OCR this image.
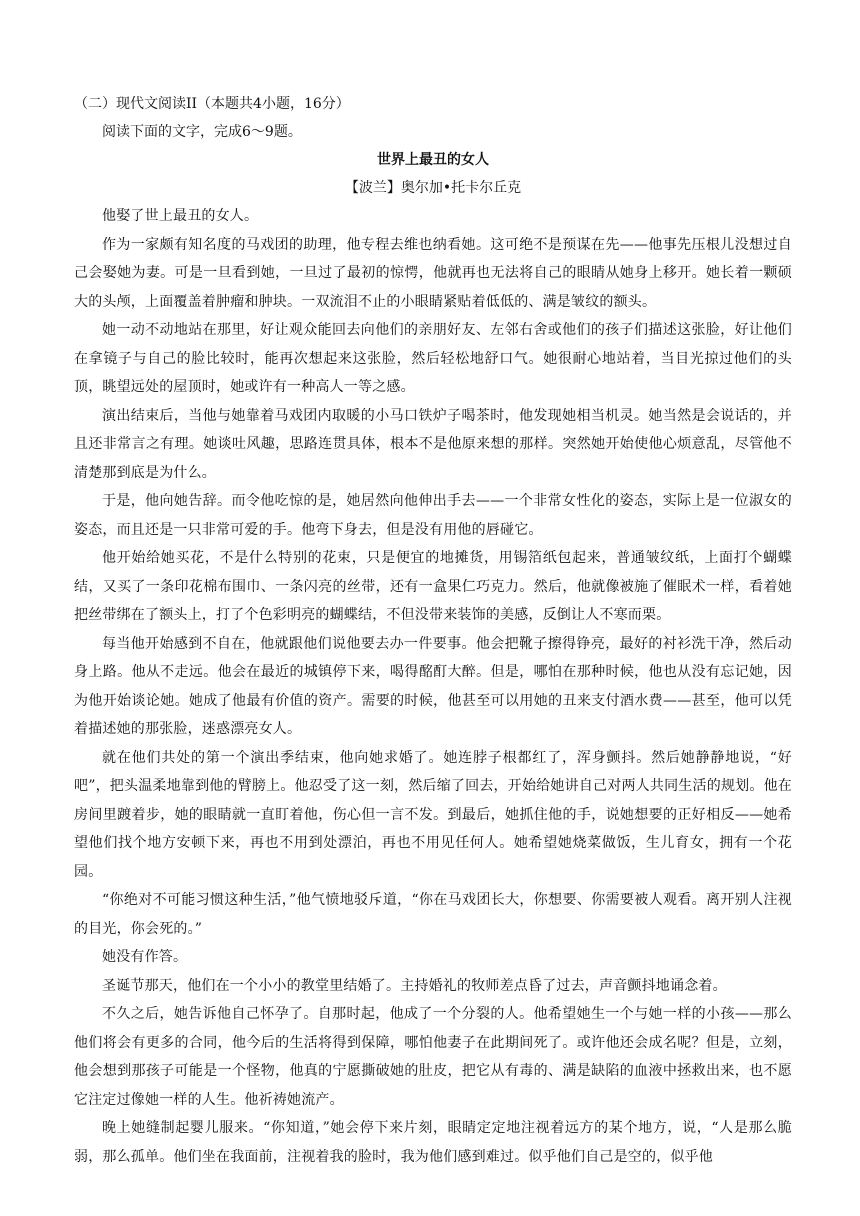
（二）现代文阅读II（本题共4小题，16分）
阅读下面的文字，完成6～9题。
世界上最丑的女人
【波兰】奥尔加•托卡尔丘克

他娶了世上最丑的女人。

作为一家颇有知名度的马戏团的助理，他专程去维也纳看她。这可绝不是预谋在先——他事先压根儿没想过自己会娶她为妻。可是一旦看到她，一旦过了最初的惊愕，他就再也无法将自己的眼睛从她身上移开。她长着一颗硕大的头颅，上面覆盖着肿瘤和肿块。一双流泪不止的小眼睛紧贴着低低的、满是皱纹的额头。

她一动不动地站在那里，好让观众能回去向他们的亲朋好友、左邻右舍或他们的孩子们描述这张脸，好让他们在拿镜子与自己的脸比较时，能再次想起来这张脸，然后轻松地舒口气。她很耐心地站着，当目光掠过他们的头顶，眺望远处的屋顶时，她或许有一种高人一等之感。

演出结束后，当他与她靠着马戏团内取暖的小马口铁炉子喝茶时，他发现她相当机灵。她当然是会说话的，并且还非常言之有理。她谈吐风趣，思路连贯具体，根本不是他原来想的那样。突然她开始使他心烦意乱，尽管他不清楚那到底是为什么。

于是，他向她告辞。而令他吃惊的是，她居然向他伸出手去——一个非常女性化的姿态，实际上是一位淑女的姿态，而且还是一只非常可爱的手。他弯下身去，但是没有用他的唇碰它。

他开始给她买花，不是什么特别的花束，只是便宜的地摊货，用锡箔纸包起来，普通皱纹纸，上面打个蝴蝶结，又买了一条印花棉布围巾、一条闪亮的丝带，还有一盒果仁巧克力。然后，他就像被施了催眠术一样，看着她把丝带绑在了额头上，打了个色彩明亮的蝴蝶结，不但没带来装饰的美感，反倒让人不寒而栗。

每当他开始感到不自在，他就跟他们说他要去办一件要事。他会把靴子擦得铮亮，最好的衬衫洗干净，然后动身上路。他从不走远。他会在最近的城镇停下来，喝得酩酊大醉。但是，哪怕在那种时候，他也从没有忘记她，因为他开始谈论她。她成了他最有价值的资产。需要的时候，他甚至可以用她的丑来支付酒水费——甚至，他可以凭着描述她的那张脸，迷惑漂亮女人。

就在他们共处的第一个演出季结束，他向她求婚了。她连脖子根都红了，浑身颤抖。然后她静静地说，“好吧”，把头温柔地靠到他的臂膀上。他忍受了这一刻，然后缩了回去，开始给她讲自己对两人共同生活的规划。他在房间里踱着步，她的眼睛就一直盯着他，伤心但一言不发。到最后，她抓住他的手，说她想要的正好相反——她希望他们找个地方安顿下来，再也不用到处漂泊，再也不用见任何人。她希望她烧菜做饭，生儿育女，拥有一个花园。

“你绝对不可能习惯这种生活，”他气愤地驳斥道，“你在马戏团长大，你想要、你需要被人观看。离开别人注视的目光，你会死的。”

她没有作答。

圣诞节那天，他们在一个小小的教堂里结婚了。主持婚礼的牧师差点昏了过去，声音颤抖地诵念着。

不久之后，她告诉他自己怀孕了。自那时起，他成了一个分裂的人。他希望她生一个与她一样的小孩——那么他们将会有更多的合同，他今后的生活将得到保障，哪怕他妻子在此期间死了。或许他还会成名呢？但是，立刻，他会想到那孩子可能是一个怪物，他真的宁愿撕破她的肚皮，把它从有毒的、满是缺陷的血液中拯救出来，也不愿它注定过像她一样的人生。他祈祷她流产。

晚上她缝制起婴儿服来。“你知道，”她会停下来片刻，眼睛定定地注视着远方的某个地方，说，“人是那么脆弱，那么孤单。他们坐在我面前，注视着我的脸时，我为他们感到难过。似乎他们自己是空的，似乎他
